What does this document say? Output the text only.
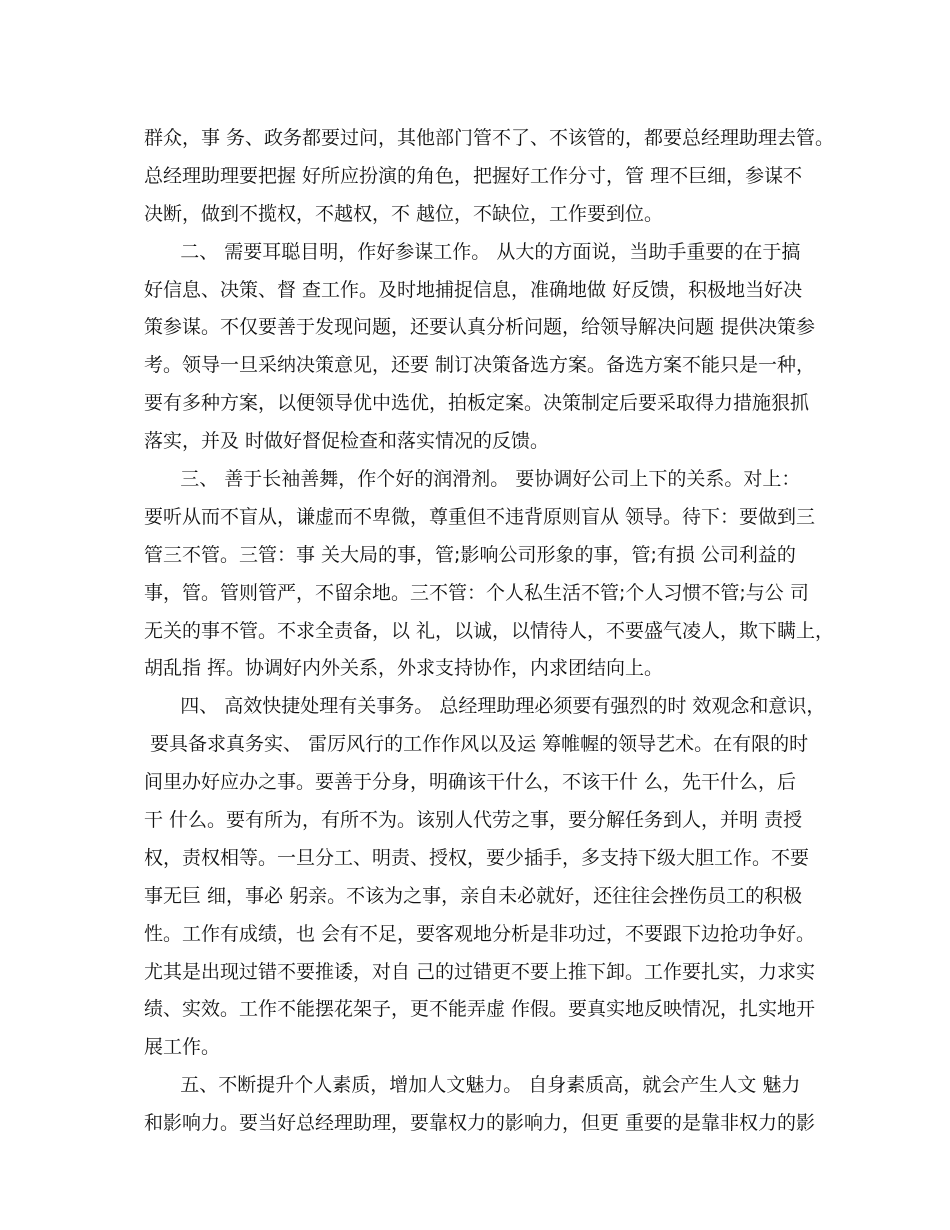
群众，事 务、政务都要过问，其他部门管不了、不该管的，都要总经理助理去管。
总经理助理要把握 好所应扮演的角色，把握好工作分寸，管 理不巨细，参谋不
决断，做到不揽权，不越权，不 越位，不缺位，工作要到位。
二、 需要耳聪目明，作好参谋工作。 从大的方面说，当助手重要的在于搞
好信息、决策、督 查工作。及时地捕捉信息，准确地做 好反馈，积极地当好决
策参谋。不仅要善于发现问题，还要认真分析问题，给领导解决问题 提供决策参
考。领导一旦采纳决策意见，还要 制订决策备选方案。备选方案不能只是一种，
要有多种方案，以便领导优中选优，拍板定案。决策制定后要采取得力措施狠抓
落实，并及 时做好督促检查和落实情况的反馈。
三、 善于长袖善舞，作个好的润滑剂。 要协调好公司上下的关系。对上：
要听从而不盲从，谦虚而不卑微，尊重但不违背原则盲从 领导。待下：要做到三
管三不管。三管：事 关大局的事，管;影响公司形象的事，管;有损 公司利益的
事，管。管则管严，不留余地。三不管：个人私生活不管;个人习惯不管;与公 司
无关的事不管。不求全责备，以 礼，以诚，以情待人，不要盛气凌人，欺下瞒上，
胡乱指 挥。协调好内外关系，外求支持协作，内求团结向上。
四、 高效快捷处理有关事务。 总经理助理必须要有强烈的时 效观念和意识，
要具备求真务实、 雷厉风行的工作作风以及运 筹帷幄的领导艺术。在有限的时
间里办好应办之事。要善于分身，明确该干什么，不该干什 么，先干什么，后
干 什么。要有所为，有所不为。该别人代劳之事，要分解任务到人，并明 责授
权，责权相等。一旦分工、明责、授权，要少插手，多支持下级大胆工作。不要
事无巨 细，事必 躬亲。不该为之事，亲自未必就好，还往往会挫伤员工的积极
性。工作有成绩，也 会有不足，要客观地分析是非功过，不要跟下边抢功争好。
尤其是出现过错不要推诿，对自 己的过错更不要上推下卸。工作要扎实，力求实
绩、实效。工作不能摆花架子，更不能弄虚 作假。要真实地反映情况，扎实地开
展工作。
五、不断提升个人素质，增加人文魅力。 自身素质高，就会产生人文 魅力
和影响力。要当好总经理助理，要靠权力的影响力，但更 重要的是靠非权力的影
